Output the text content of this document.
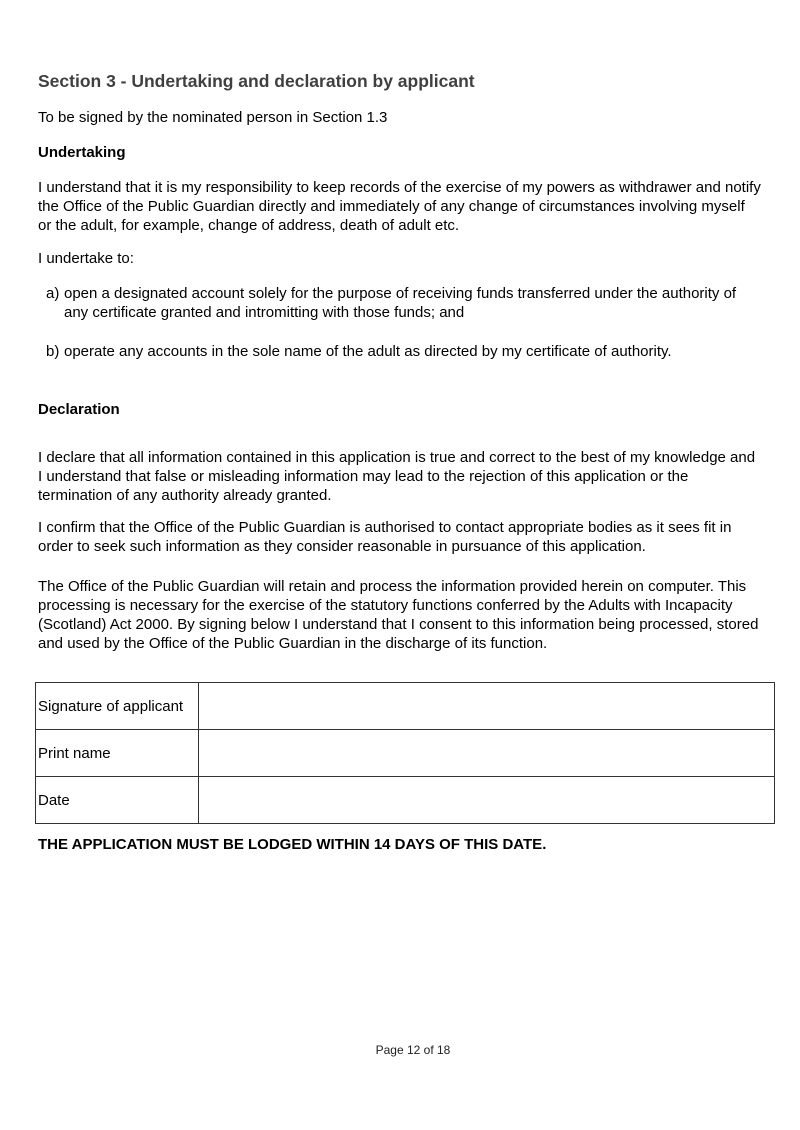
Section 3 - Undertaking and declaration by applicant

To be signed by the nominated person in Section 1.3

Undertaking

I understand that it is my responsibility to keep records of the exercise of my powers as withdrawer and notify the Office of the Public Guardian directly and immediately of any change of circumstances involving myself or the adult, for example, change of address, death of adult etc.

I undertake to:

a) open a designated account solely for the purpose of receiving funds transferred under the authority of any certificate granted and intromitting with those funds; and
b) operate any accounts in the sole name of the adult as directed by my certificate of authority.

Declaration

I declare that all information contained in this application is true and correct to the best of my knowledge and I understand that false or misleading information may lead to the rejection of this application or the termination of any authority already granted.

I confirm that the Office of the Public Guardian is authorised to contact appropriate bodies as it sees fit in order to seek such information as they consider reasonable in pursuance of this application.

The Office of the Public Guardian will retain and process the information provided herein on computer. This processing is necessary for the exercise of the statutory functions conferred by the Adults with Incapacity (Scotland) Act 2000. By signing below I understand that I consent to this information being processed, stored and used by the Office of the Public Guardian in the discharge of its function.

Signature of applicant	
Print name	
Date	

THE APPLICATION MUST BE LODGED WITHIN 14 DAYS OF THIS DATE.

Page 12 of 18
